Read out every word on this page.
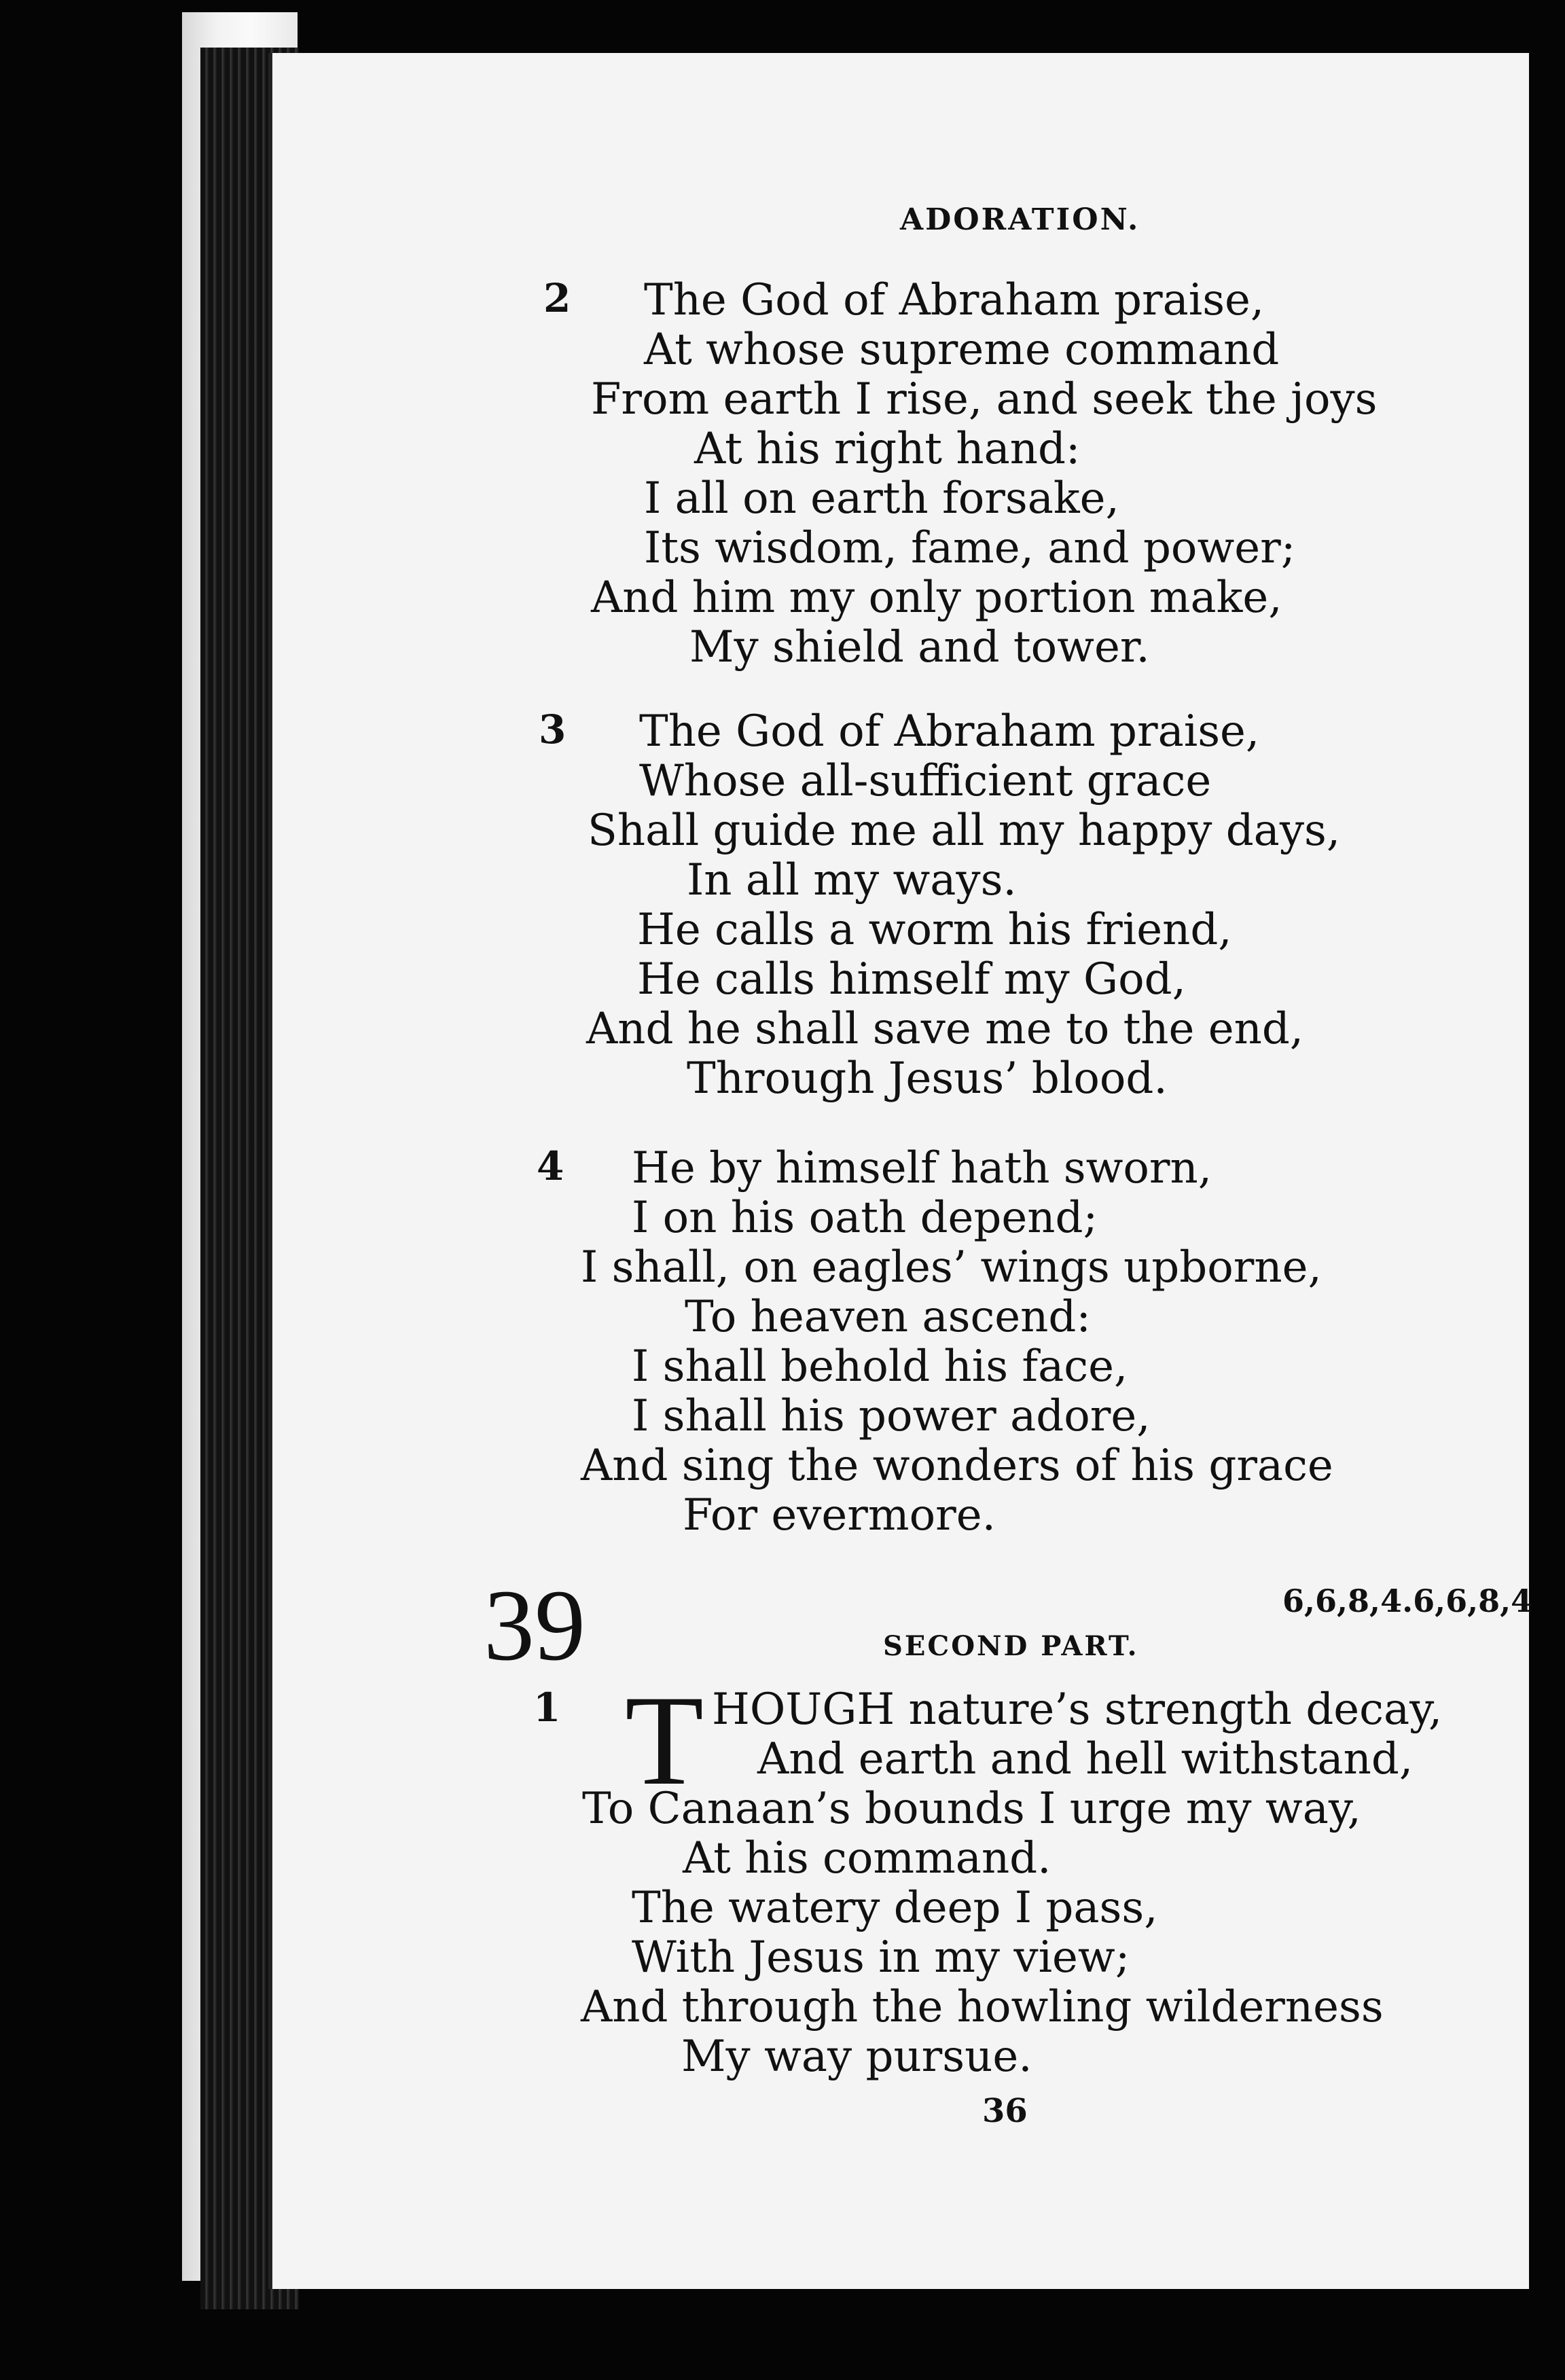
ADORATION.
2 The God of Abraham praise,
At whose supreme command
From earth I rise, and seek the joys
At his right hand:
I all on earth forsake,
Its wisdom, fame, and power;
And him my only portion make,
My shield and tower.
3 The God of Abraham praise,
Whose all-sufficient grace
Shall guide me all my happy days,
In all my ways.
He calls a worm his friend,
He calls himself my God,
And he shall save me to the end,
Through Jesus’ blood.
4 He by himself hath sworn,
I on his oath depend;
I shall, on eagles’ wings upborne,
To heaven ascend:
I shall behold his face,
I shall his power adore,
And sing the wonders of his grace
For evermore.
39	6,6,8,4.6,6,8,4
SECOND PART.
1	HOUGH nature’s strength decay,
And earth and hell withstand,
To Canaan’s bounds I urge my way,
At his command.
The watery deep I pass,
With Jesus in my view;
And through the howling wilderness
My way pursue.
T
36
